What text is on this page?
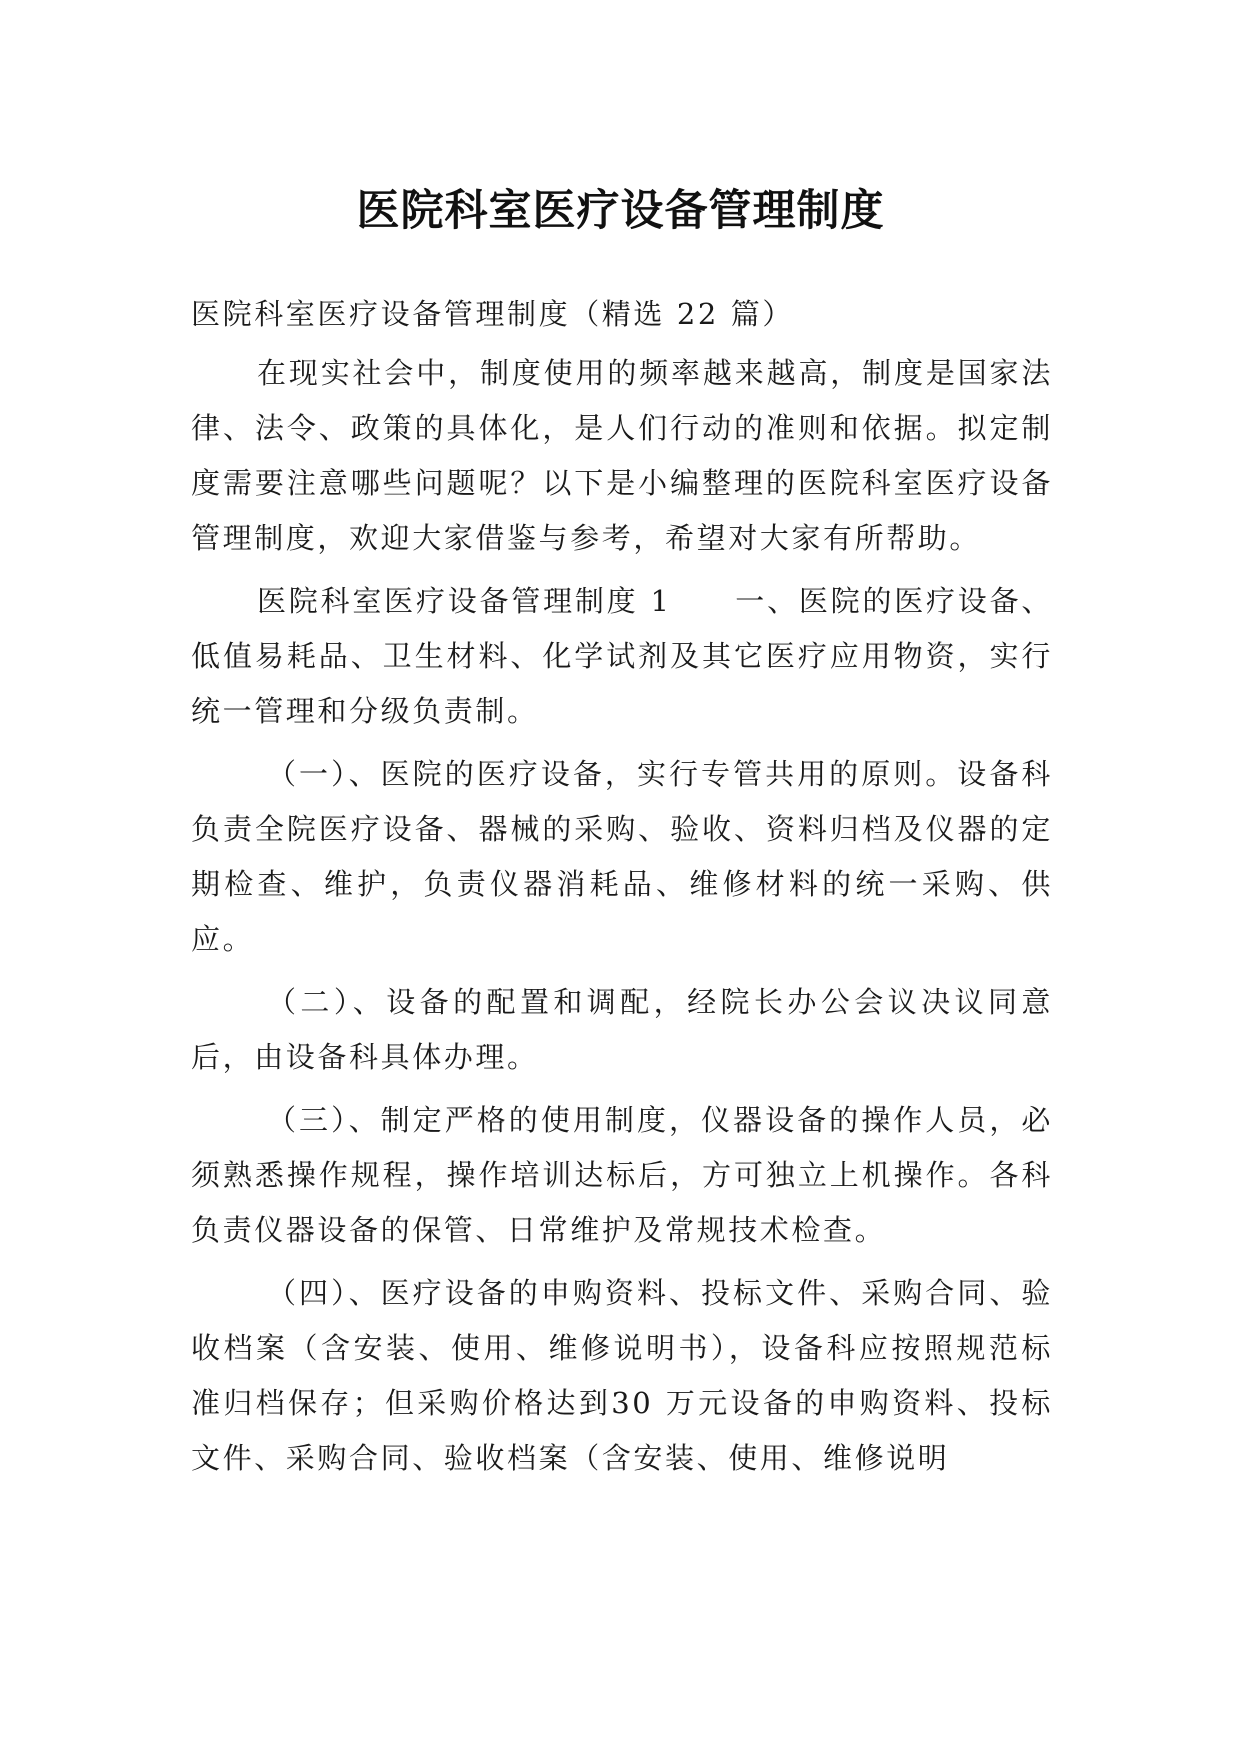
医院科室医疗设备管理制度

医院科室医疗设备管理制度（精选 22 篇）

在现实社会中，制度使用的频率越来越高，制度是国家法律、法令、政策的具体化，是人们行动的准则和依据。拟定制度需要注意哪些问题呢？以下是小编整理的医院科室医疗设备管理制度，欢迎大家借鉴与参考，希望对大家有所帮助。

医院科室医疗设备管理制度 1　　一、医院的医疗设备、低值易耗品、卫生材料、化学试剂及其它医疗应用物资，实行统一管理和分级负责制。

（一）、医院的医疗设备，实行专管共用的原则。设备科负责全院医疗设备、器械的采购、验收、资料归档及仪器的定期检查、维护，负责仪器消耗品、维修材料的统一采购、供应。

（二）、设备的配置和调配，经院长办公会议决议同意后，由设备科具体办理。

（三）、制定严格的使用制度，仪器设备的操作人员，必须熟悉操作规程，操作培训达标后，方可独立上机操作。各科负责仪器设备的保管、日常维护及常规技术检查。

（四）、医疗设备的申购资料、投标文件、采购合同、验收档案（含安装、使用、维修说明书），设备科应按照规范标准归档保存；但采购价格达到30 万元设备的申购资料、投标文件、采购合同、验收档案（含安装、使用、维修说明
